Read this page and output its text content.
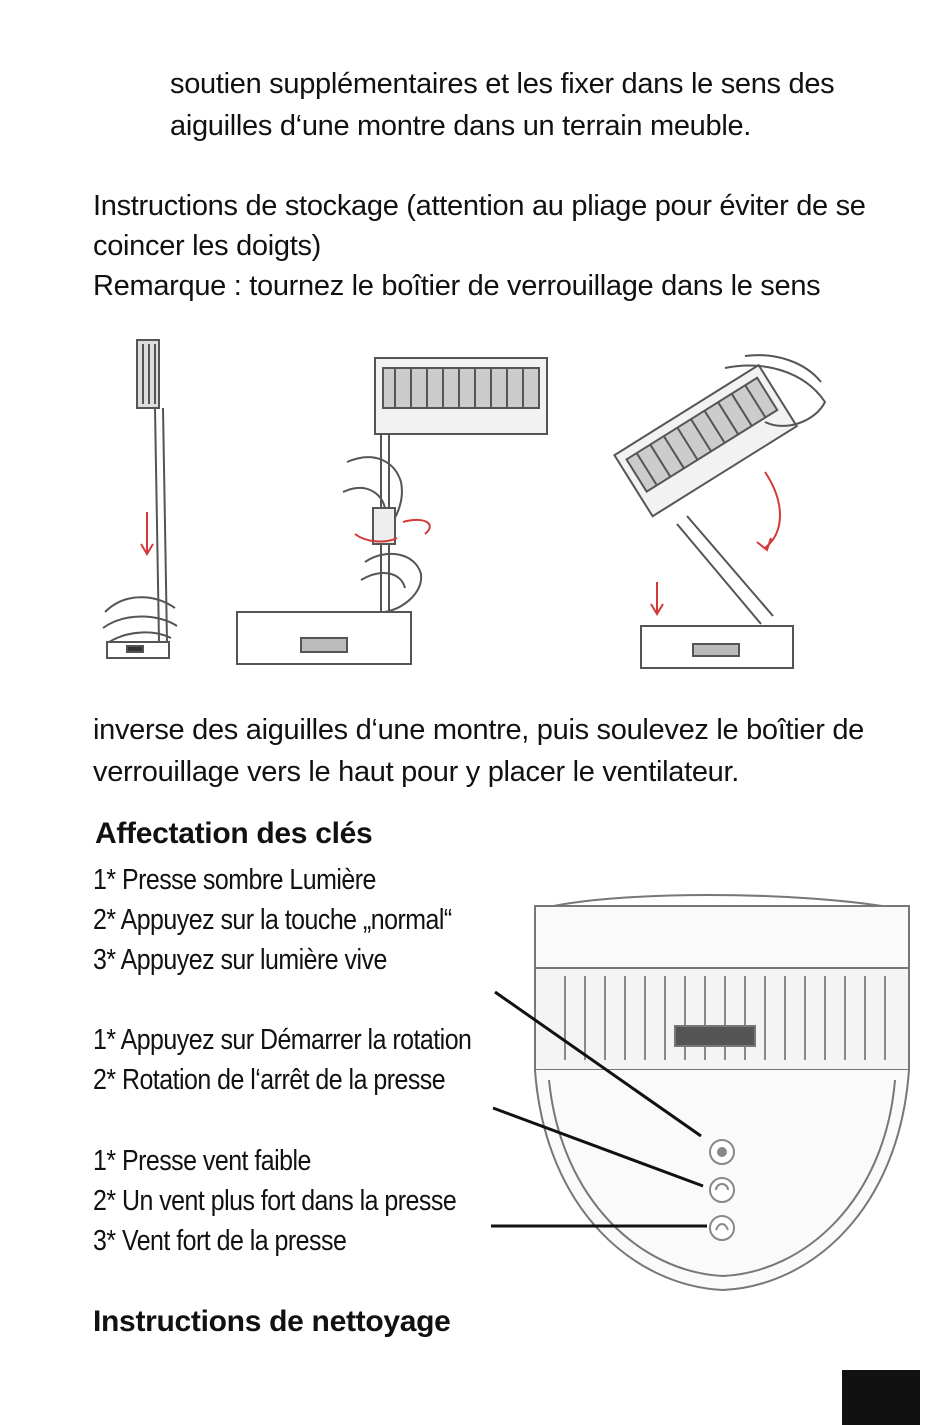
soutien supplémentaires et les fixer dans le sens des

aiguilles d‘une montre dans un terrain meuble.

Instructions de stockage (attention au pliage pour éviter de se

coincer les doigts)

Remarque : tournez le boîtier de verrouillage dans le sens

inverse des aiguilles d‘une montre, puis soulevez le boîtier de

verrouillage vers le haut pour y placer le ventilateur.

Affectation des clés

1* Presse sombre Lumière

2* Appuyez sur la touche „normal“

3* Appuyez sur lumière vive

1* Appuyez sur Démarrer la rotation

2* Rotation de l‘arrêt de la presse

1* Presse vent faible

2* Un vent plus fort dans la presse

3* Vent fort de la presse

Instructions de nettoyage
